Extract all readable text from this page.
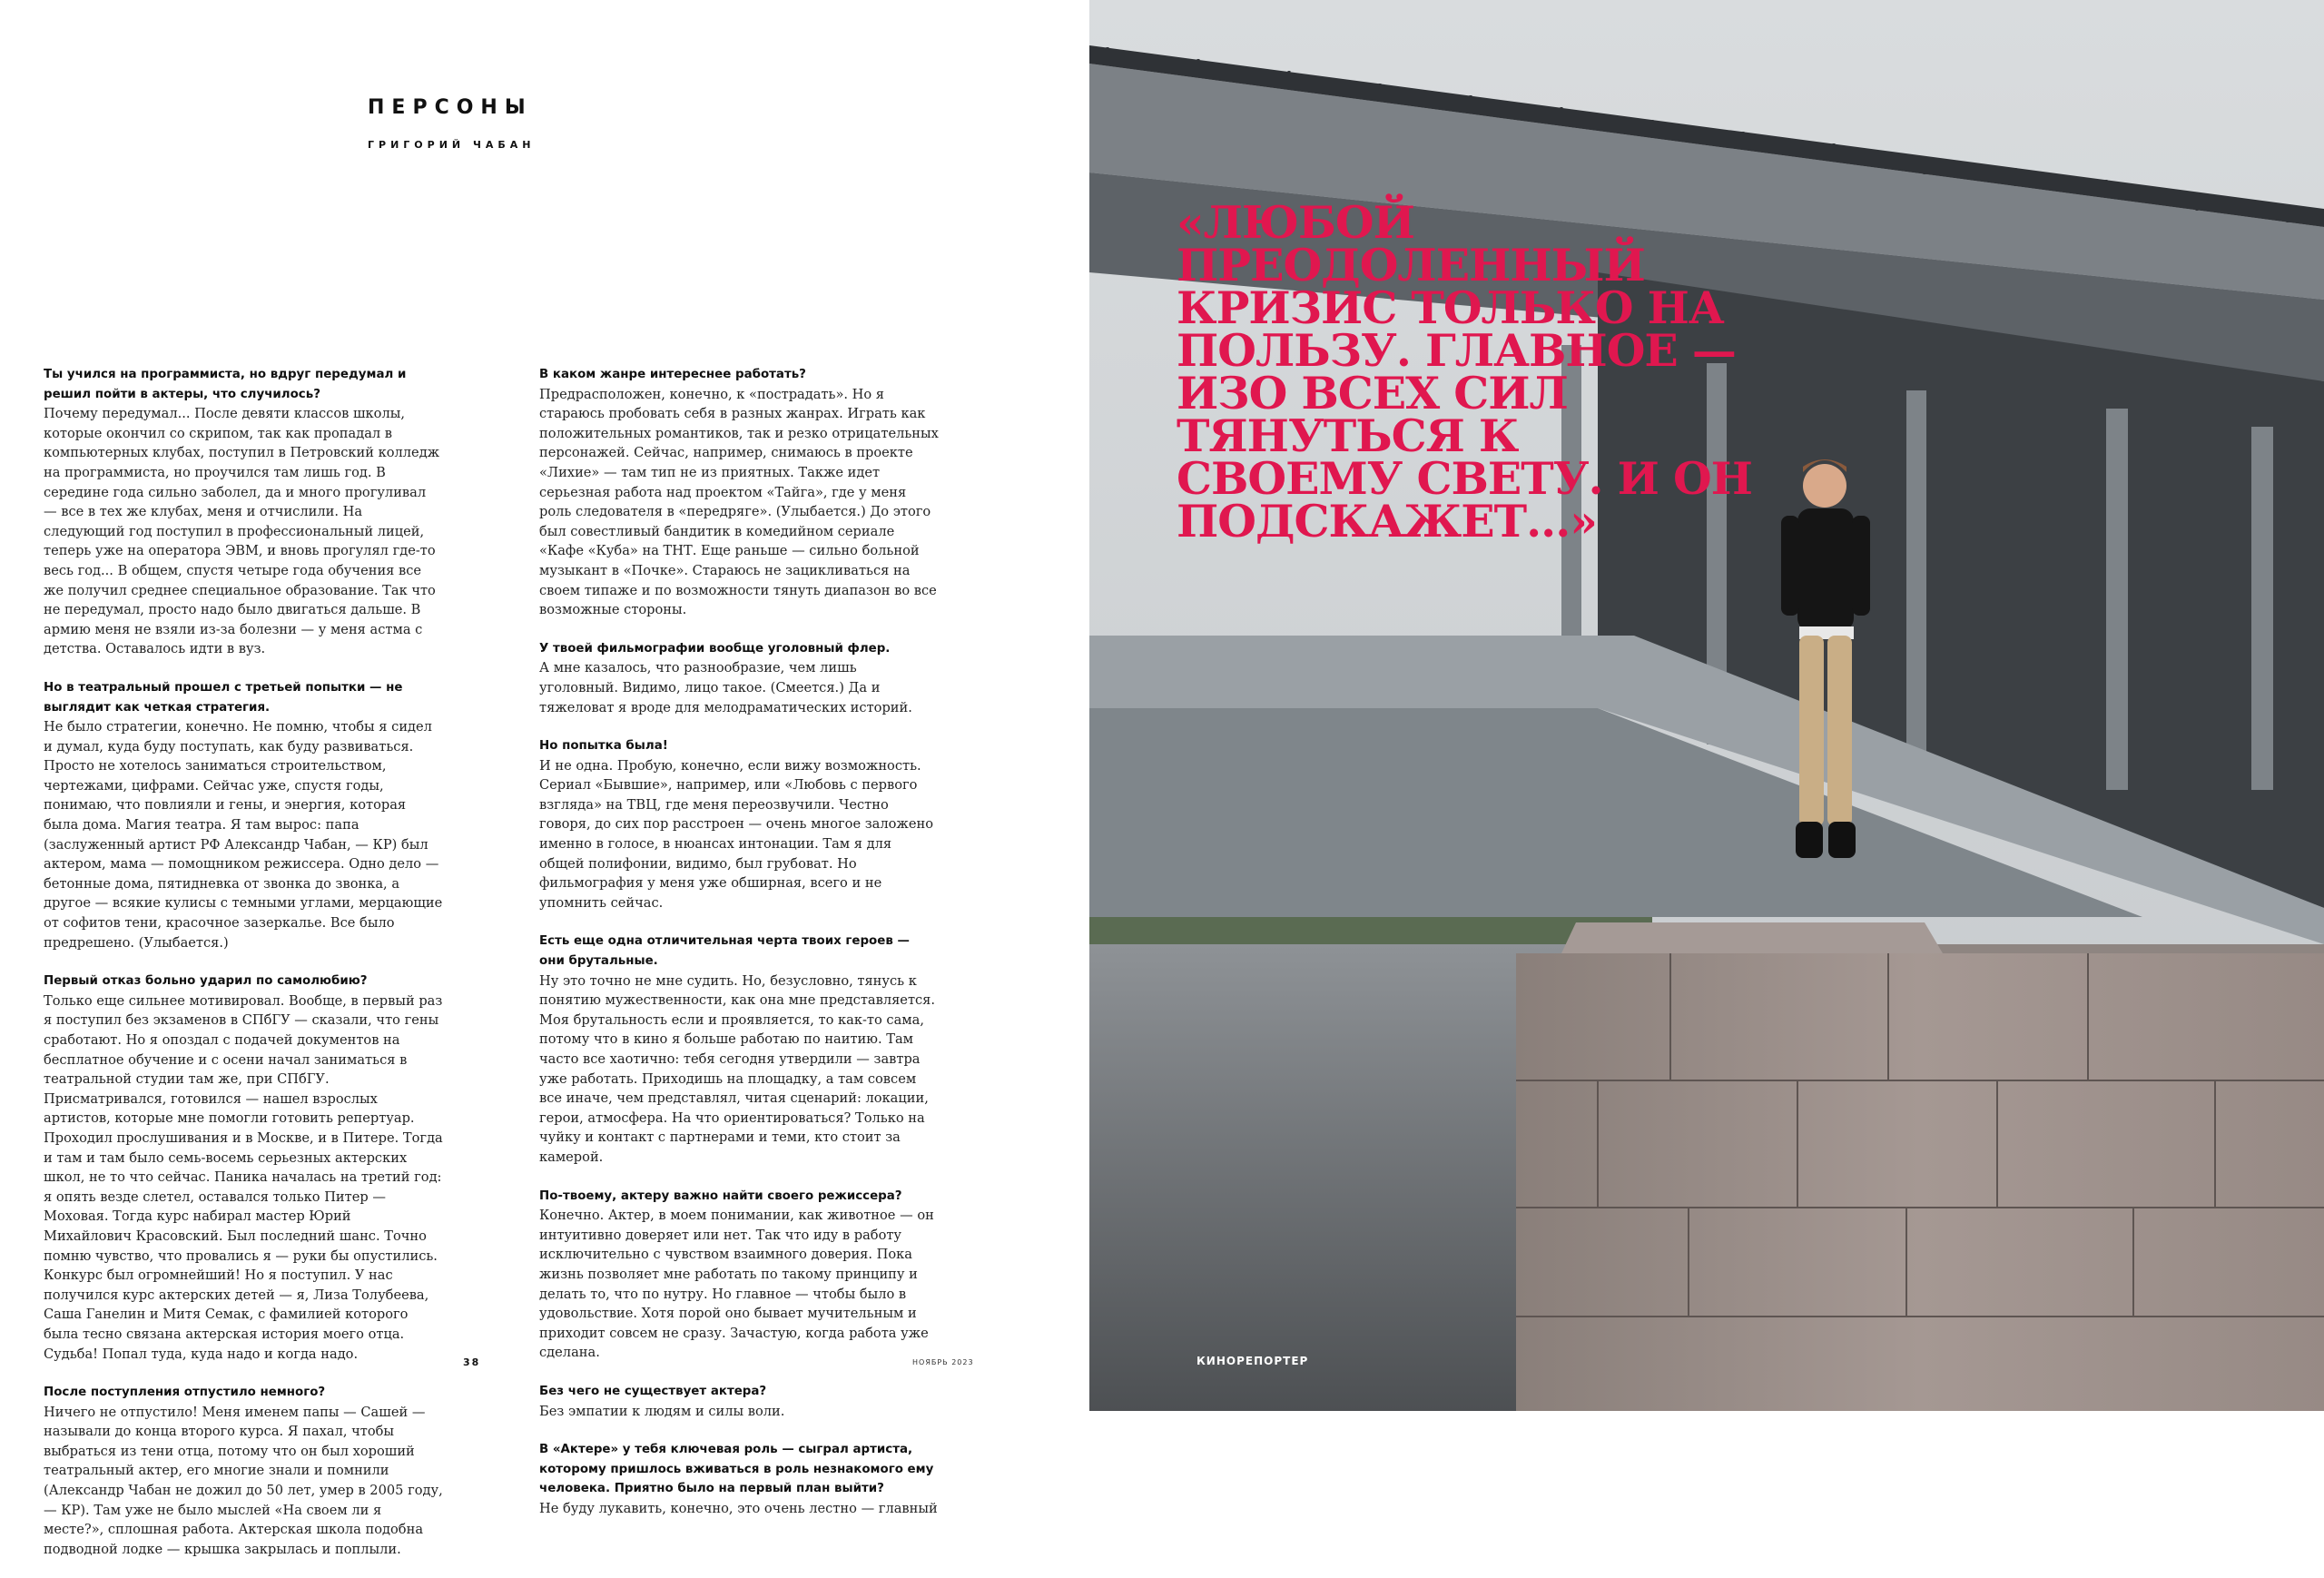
ПЕРСОНЫ
ГРИГОРИЙ ЧАБАН
Ты учился на программиста, но вдруг передумал и решил пойти в актеры, что случилось?
Почему передумал... После девяти классов школы, которые окончил со скрипом, так как пропадал в компьютерных клубах, поступил в Петровский колледж на программиста, но проучился там лишь год. В середине года сильно заболел, да и много прогуливал — все в тех же клубах, меня и отчислили. На следующий год поступил в профессиональный лицей, теперь уже на оператора ЭВМ, и вновь прогулял где-то весь год... В общем, спустя четыре года обучения все же получил среднее специальное образование. Так что не передумал, просто надо было двигаться дальше. В армию меня не взяли из-за болезни — у меня астма с детства. Оставалось идти в вуз.
Но в театральный прошел с третьей попытки — не выглядит как четкая стратегия.
Не было стратегии, конечно. Не помню, чтобы я сидел и думал, куда буду поступать, как буду развиваться. Просто не хотелось заниматься строительством, чертежами, цифрами. Сейчас уже, спустя годы, понимаю, что повлияли и гены, и энергия, которая была дома. Магия театра. Я там вырос: папа (заслуженный артист РФ Александр Чабан, — КР) был актером, мама — помощником режиссера. Одно дело — бетонные дома, пятидневка от звонка до звонка, а другое — всякие кулисы с темными углами, мерцающие от софитов тени, красочное зазеркалье. Все было предрешено. (Улыбается.)
Первый отказ больно ударил по самолюбию?
Только еще сильнее мотивировал. Вообще, в первый раз я поступил без экзаменов в СПбГУ — сказали, что гены сработают. Но я опоздал с подачей документов на бесплатное обучение и с осени начал заниматься в театральной студии там же, при СПбГУ. Присматривался, готовился — нашел взрослых артистов, которые мне помогли готовить репертуар. Проходил прослушивания и в Москве, и в Питере. Тогда и там и там было семь-восемь серьезных актерских школ, не то что сейчас. Паника началась на третий год: я опять везде слетел, оставался только Питер — Моховая. Тогда курс набирал мастер Юрий Михайлович Красовский. Был последний шанс. Точно помню чувство, что провались я — руки бы опустились. Конкурс был огромнейший! Но я поступил. У нас получился курс актерских детей — я, Лиза Толубеева, Саша Ганелин и Митя Семак, с фамилией которого была тесно связана актерская история моего отца. Судьба! Попал туда, куда надо и когда надо.
После поступления отпустило немного?
Ничего не отпустило! Меня именем папы — Сашей — называли до конца второго курса. Я пахал, чтобы выбраться из тени отца, потому что он был хороший театральный актер, его многие знали и помнили (Александр Чабан не дожил до 50 лет, умер в 2005 году, — КР). Там уже не было мыслей «На своем ли я месте?», сплошная работа. Актерская школа подобна подводной лодке — крышка закрылась и поплыли.
В каком жанре интереснее работать?
Предрасположен, конечно, к «пострадать». Но я стараюсь пробовать себя в разных жанрах. Играть как положительных романтиков, так и резко отрицательных персонажей. Сейчас, например, снимаюсь в проекте «Лихие» — там тип не из приятных. Также идет серьезная работа над проектом «Тайга», где у меня роль следователя в «передряге». (Улыбается.) До этого был совестливый бандитик в комедийном сериале «Кафе «Куба» на ТНТ. Еще раньше — сильно больной музыкант в «Почке». Стараюсь не зацикливаться на своем типаже и по возможности тянуть диапазон во все возможные стороны.
У твоей фильмографии вообще уголовный флер.
А мне казалось, что разнообразие, чем лишь уголовный. Видимо, лицо такое. (Смеется.) Да и тяжеловат я вроде для мелодраматических историй.
Но попытка была!
И не одна. Пробую, конечно, если вижу возможность. Сериал «Бывшие», например, или «Любовь с первого взгляда» на ТВЦ, где меня переозвучили. Честно говоря, до сих пор расстроен — очень многое заложено именно в голосе, в нюансах интонации. Там я для общей полифонии, видимо, был грубоват. Но фильмография у меня уже обширная, всего и не упомнить сейчас.
Есть еще одна отличительная черта твоих героев — они брутальные.
Ну это точно не мне судить. Но, безусловно, тянусь к понятию мужественности, как она мне представляется. Моя брутальность если и проявляется, то как-то сама, потому что в кино я больше работаю по наитию. Там часто все хаотично: тебя сегодня утвердили — завтра уже работать. Приходишь на площадку, а там совсем все иначе, чем представлял, читая сценарий: локации, герои, атмосфера. На что ориентироваться? Только на чуйку и контакт с партнерами и теми, кто стоит за камерой.
По-твоему, актеру важно найти своего режиссера?
Конечно. Актер, в моем понимании, как животное — он интуитивно доверяет или нет. Так что иду в работу исключительно с чувством взаимного доверия. Пока жизнь позволяет мне работать по такому принципу и делать то, что по нутру. Но главное — чтобы было в удовольствие. Хотя порой оно бывает мучительным и приходит совсем не сразу. Зачастую, когда работа уже сделана.
Без чего не существует актера?
Без эмпатии к людям и силы воли.
В «Актере» у тебя ключевая роль — сыграл артиста, которому пришлось вживаться в роль незнакомого ему человека. Приятно было на первый план выйти?
Не буду лукавить, конечно, это очень лестно — главный
38	НОЯБРЬ 2023
«ЛЮБОЙ ПРЕОДОЛЕННЫЙ КРИЗИС ТОЛЬКО НА ПОЛЬЗУ. ГЛАВНОЕ — ИЗО ВСЕХ СИЛ ТЯНУТЬСЯ К СВОЕМУ СВЕТУ. И ОН ПОДСКАЖЕТ...»
КИНОРЕПОРТЕР
